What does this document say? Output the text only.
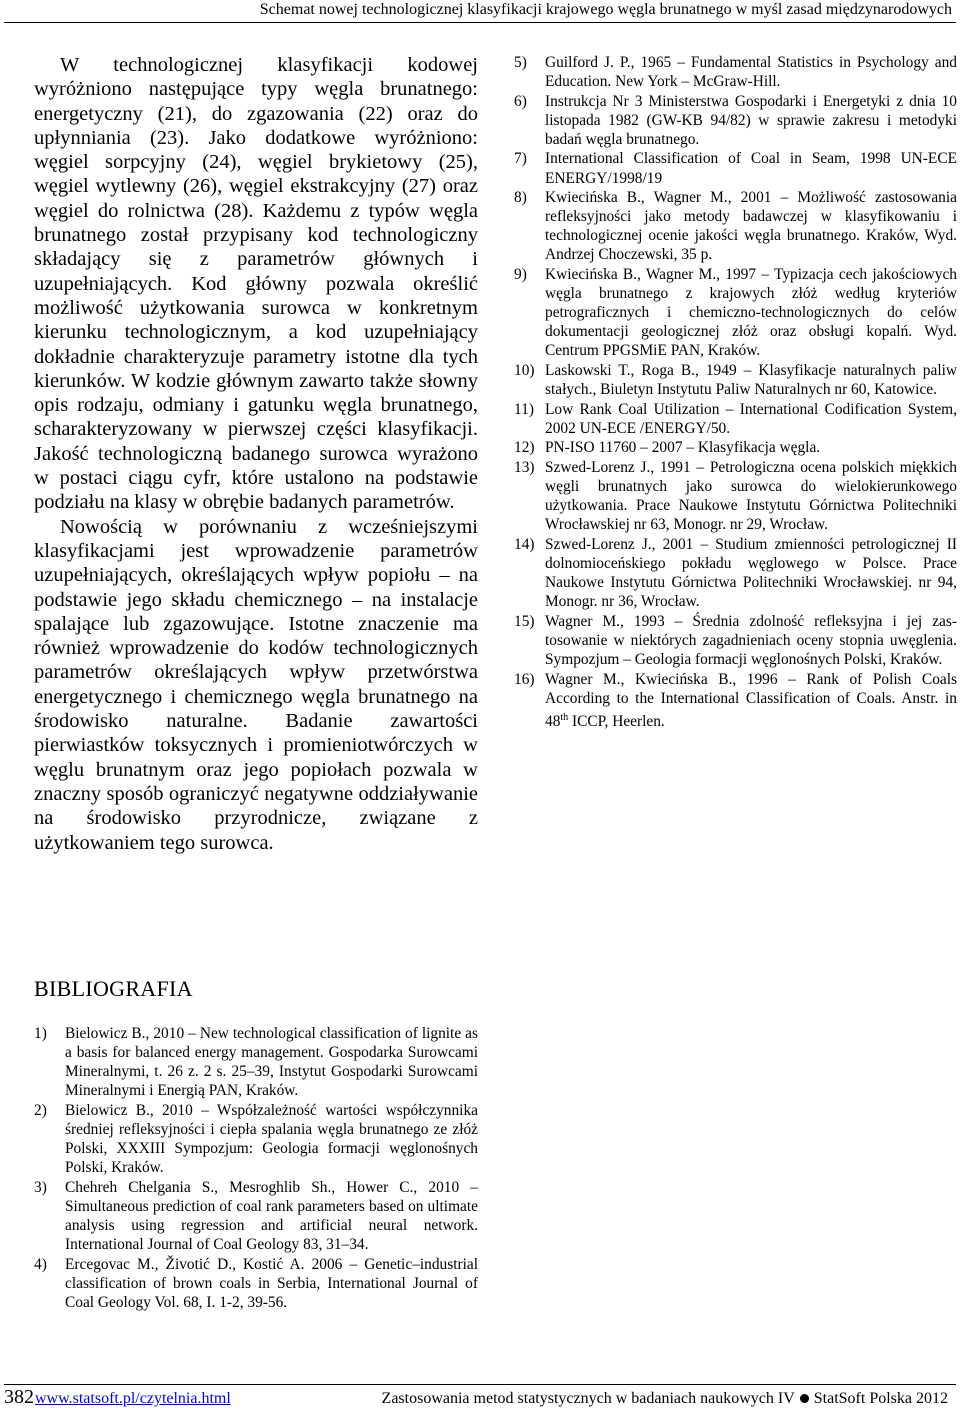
Schemat nowej technologicznej klasyfikacji krajowego węgla brunatnego w myśl zasad międzynarodowych

W technologicznej klasyfikacji kodowej wyróżniono następujące typy węgla brunatnego: energetyczny (21), do zgazowania (22) oraz do upłynniania (23). Jako dodatkowe wyróżniono: węgiel sorpcyjny (24), węgiel brykietowy (25), węgiel wytlewny (26), węgiel ekstrakcyjny (27) oraz węgiel do rolnictwa (28). Każdemu z typów węgla brunatnego został przypisany kod technologiczny składający się z parametrów głównych i uzupełniających. Kod główny pozwala określić możliwość użytkowania surowca w konkretnym kierunku technologicznym, a kod uzupełniający dokładnie charakteryzuje parametry istotne dla tych kierunków. W kodzie głównym zawarto także słowny opis rodzaju, odmiany i gatunku węgla brunatnego, scharakteryzowany w pierwszej części klasyfikacji. Jakość technologiczną badanego surowca wyrażono w postaci ciągu cyfr, które ustalono na podstawie podziału na klasy w obrębie badanych parametrów.

Nowością w porównaniu z wcześniejszymi klasyfikacjami jest wprowadzenie parametrów uzupełniających, określających wpływ popiołu – na podstawie jego składu chemicznego – na instalacje spalające lub zgazowujące. Istotne znaczenie ma również wprowadzenie do kodów technologicznych parametrów określających wpływ przetwórstwa energetycznego i chemicznego węgla brunatnego na środowisko naturalne. Badanie zawartości pierwiastków toksycznych i promieniotwórczych w węglu brunatnym oraz jego popiołach pozwala w znaczny sposób ograniczyć negatywne oddziaływanie na środowisko przyrodnicze, związane z użytkowaniem tego surowca.

BIBLIOGRAFIA
1) Bielowicz B., 2010 – New technological classification of lignite as a basis for balanced energy management. Gospodarka Surowcami Mineralnymi, t. 26 z. 2 s. 25–39, Instytut Gospodarki Surowcami Mineralnymi i Energią PAN, Kraków.
2) Bielowicz B., 2010 – Współzależność wartości współczynnika średniej refleksyjności i ciepła spalania węgla brunatnego ze złóż Polski, XXXIII Sympozjum: Geologia formacji węglonośnych Polski, Kraków.
3) Chehreh Chelgania S., Mesroghlib Sh., Hower C., 2010 – Simultaneous prediction of coal rank parameters based on ultimate analysis using regression and artificial neural network. International Journal of Coal Geology 83, 31–34.
4) Ercegovac M., Životić D., Kostić A. 2006 – Genetic–industrial classification of brown coals in Serbia, International Journal of Coal Geology Vol. 68, I. 1-2, 39-56.
5) Guilford J. P., 1965 – Fundamental Statistics in Psychology and Education. New York – McGraw-Hill.
6) Instrukcja Nr 3 Ministerstwa Gospodarki i Energetyki z dnia 10 listopada 1982 (GW-KB 94/82) w sprawie zakresu i metodyki badań węgla brunatnego.
7) International Classification of Coal in Seam, 1998 UN-ECE ENERGY/1998/19
8) Kwiecińska B., Wagner M., 2001 – Możliwość zastosowania refleksyjności jako metody badawczej w klasyfikowaniu i technologicznej ocenie jakości węgla brunatnego. Kraków, Wyd. Andrzej Choczewski, 35 p.
9) Kwiecińska B., Wagner M., 1997 – Typizacja cech jakościowych węgla brunatnego z krajowych złóż według kryteriów petrograficznych i chemiczno-technologicznych do celów dokumentacji geologicznej złóż oraz obsługi kopalń. Wyd. Centrum PPGSMiE PAN, Kraków.
10) Laskowski T., Roga B., 1949 – Klasyfikacje naturalnych paliw stałych., Biuletyn Instytutu Paliw Naturalnych nr 60, Katowice.
11) Low Rank Coal Utilization – International Codification System, 2002 UN-ECE /ENERGY/50.
12) PN-ISO 11760 – 2007 – Klasyfikacja węgla.
13) Szwed-Lorenz J., 1991 – Petrologiczna ocena polskich miękkich węgli brunatnych jako surowca do wielokierunkowego użytkowania. Prace Naukowe Instytutu Górnictwa Politechniki Wrocławskiej nr 63, Monogr. nr 29, Wrocław.
14) Szwed-Lorenz J., 2001 – Studium zmienności petrologicznej II dolnomioceńskiego pokładu węglowego w Polsce. Prace Naukowe Instytutu Górnictwa Politechniki Wrocławskiej. nr 94, Monogr. nr 36, Wrocław.
15) Wagner M., 1993 – Średnia zdolność refleksyjna i jej zastosowanie w niektórych zagadnieniach oceny stopnia uwęglenia. Sympozjum – Geologia formacji węglonośnych Polski, Kraków.
16) Wagner M., Kwiecińska B., 1996 – Rank of Polish Coals According to the International Classification of Coals. Anstr. in 48th ICCP, Heerlen.
382 www.statsoft.pl/czytelnia.html	Zastosowania metod statystycznych w badaniach naukowych IV StatSoft Polska 2012
